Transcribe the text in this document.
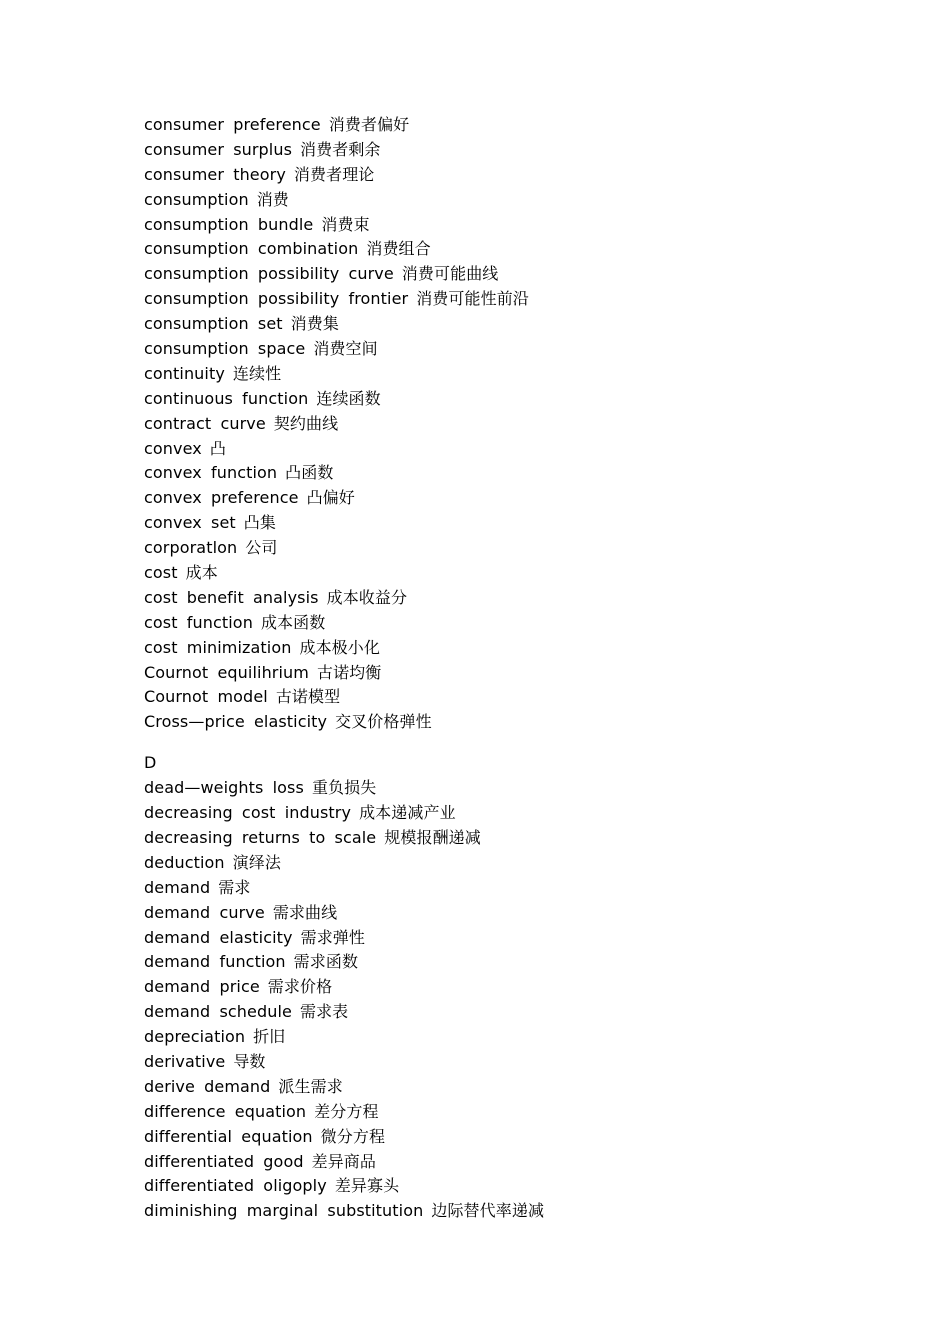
consumer preference 消费者偏好
consumer surplus 消费者剩余
consumer theory 消费者理论
consumption 消费
consumption bundle 消费束
consumption combination 消费组合
consumption possibility curve 消费可能曲线
consumption possibility frontier 消费可能性前沿
consumption set 消费集
consumption space 消费空间
continuity 连续性
continuous function 连续函数
contract curve 契约曲线
convex 凸
convex function 凸函数
convex preference 凸偏好
convex set 凸集
corporatlon 公司
cost 成本
cost benefit analysis 成本收益分
cost function 成本函数
cost minimization 成本极小化
Cournot equilihrium 古诺均衡
Cournot model 古诺模型
Cross—price elasticity 交叉价格弹性
D
dead—weights loss 重负损失
decreasing cost industry 成本递减产业
decreasing returns to scale 规模报酬递减
deduction 演绎法
demand 需求
demand curve 需求曲线
demand elasticity 需求弹性
demand function 需求函数
demand price 需求价格
demand schedule 需求表
depreciation 折旧
derivative 导数
derive demand 派生需求
difference equation 差分方程
differential equation 微分方程
differentiated good 差异商品
differentiated oligoply 差异寡头
diminishing marginal substitution 边际替代率递减
